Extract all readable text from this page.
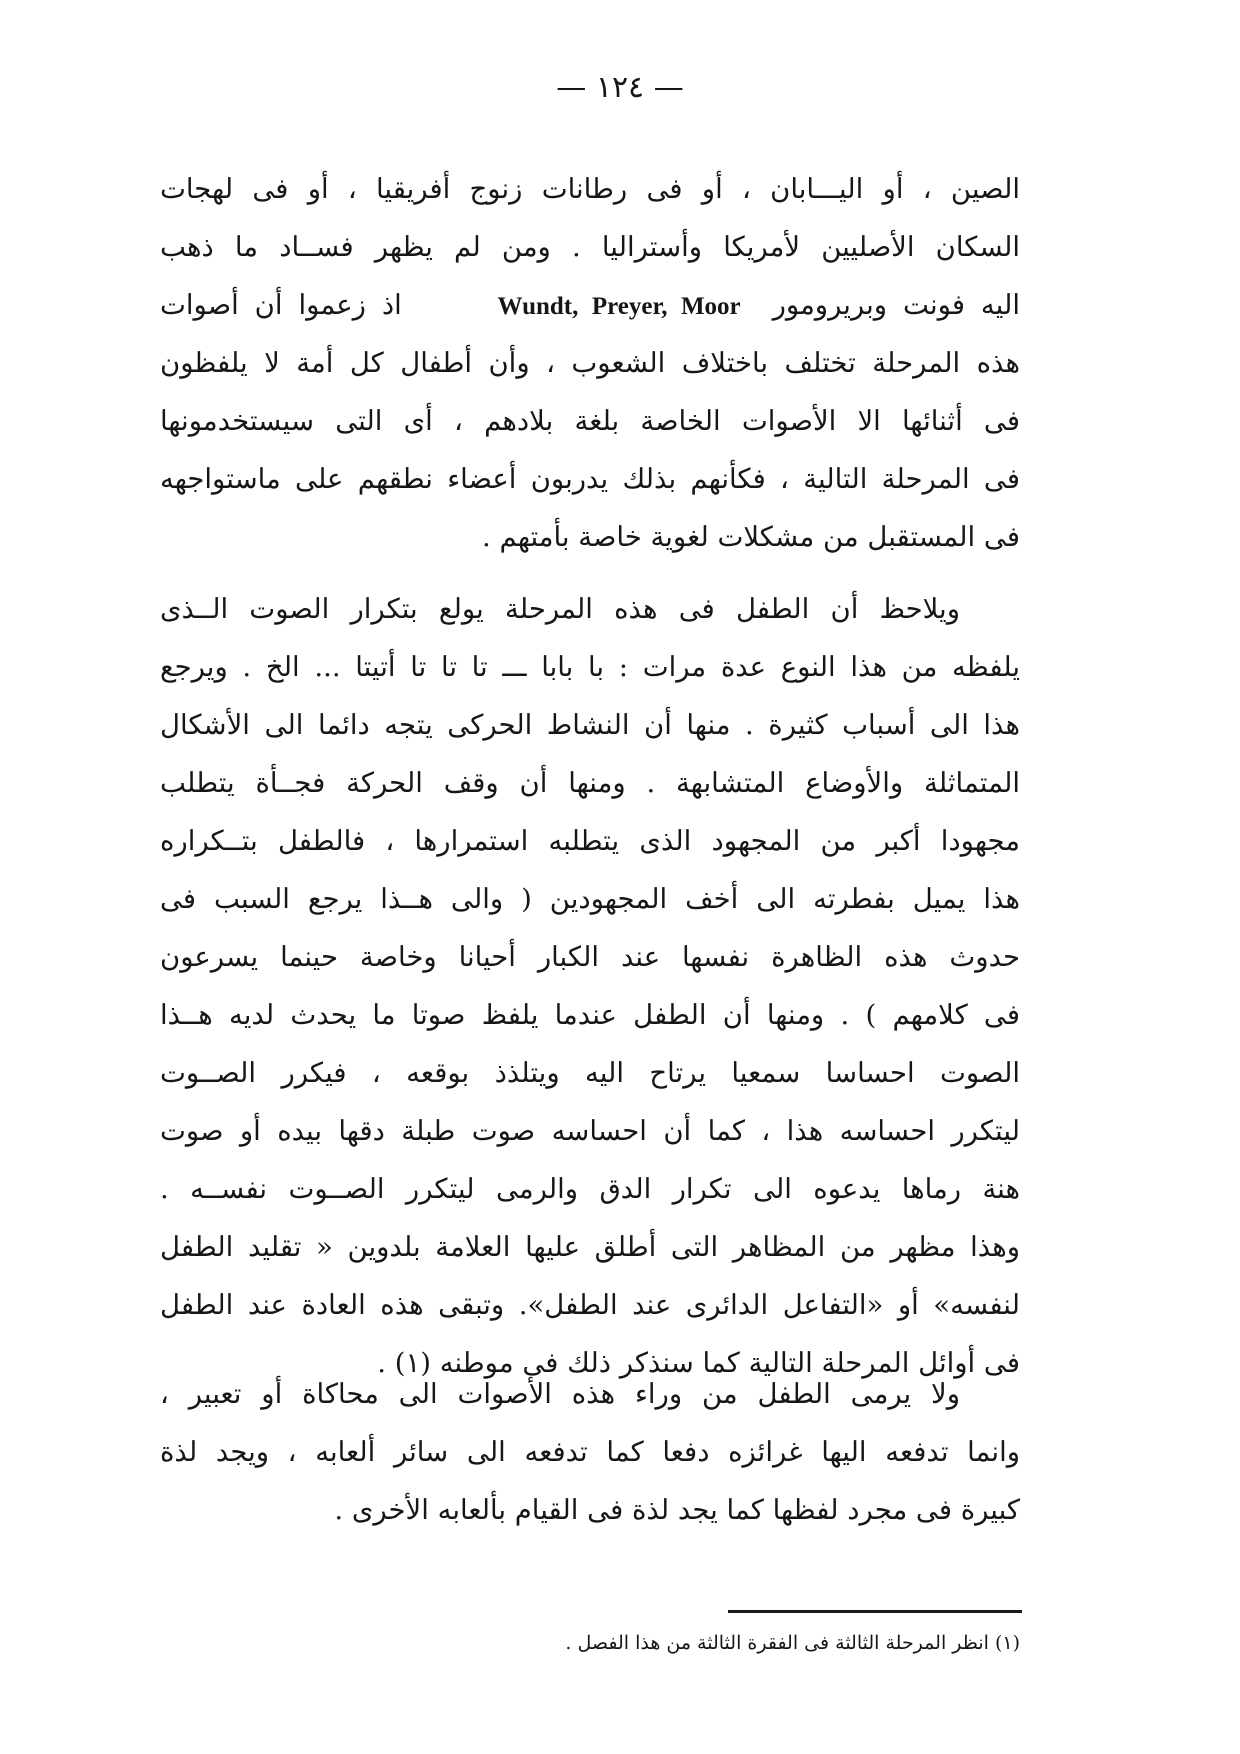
— ١٢٤ —
الصين ، أو اليـــابان ، أو فى رطانات زنوج أفريقيا ، أو فى لهجات
السكان الأصليين لأمريكا وأستراليا . ومن لم يظهر فســاد ما ذهب
اليه فونت وبريرومور  Wundt, Preyer, Moor      اذ زعموا أن أصوات
هذه المرحلة تختلف باختلاف الشعوب ، وأن أطفال كل أمة لا يلفظون
فى أثنائها الا الأصوات الخاصة بلغة بلادهم ، أى التى سيستخدمونها
فى المرحلة التالية ، فكأنهم بذلك يدربون أعضاء نطقهم على ماستواجهه
فى المستقبل من مشكلات لغوية خاصة بأمتهم .
ويلاحظ أن الطفل فى هذه المرحلة يولع بتكرار الصوت الــذى
يلفظه من هذا النوع عدة مرات : با بابا ـــ تا تا تا أتيتا ... الخ . ويرجع
هذا الى أسباب كثيرة . منها أن النشاط الحركى يتجه دائما الى الأشكال
المتماثلة والأوضاع المتشابهة . ومنها أن وقف الحركة فجــأة يتطلب
مجهودا أكبر من المجهود الذى يتطلبه استمرارها ، فالطفل بتــكراره
هذا يميل بفطرته الى أخف المجهودين ( والى هــذا يرجع السبب فى
حدوث هذه الظاهرة نفسها عند الكبار أحيانا وخاصة حينما يسرعون
فى كلامهم ) . ومنها أن الطفل عندما يلفظ صوتا ما يحدث لديه هــذا
الصوت احساسا سمعيا يرتاح اليه ويتلذذ بوقعه ، فيكرر الصــوت
ليتكرر احساسه هذا ، كما أن احساسه صوت طبلة دقها بيده أو صوت
هنة رماها يدعوه الى تكرار الدق والرمى ليتكرر الصــوت نفســه .
وهذا مظهر من المظاهر التى أطلق عليها العلامة بلدوين « تقليد الطفل
لنفسه» أو «التفاعل الدائرى عند الطفل». وتبقى هذه العادة عند الطفل
فى أوائل المرحلة التالية كما سنذكر ذلك فى موطنه (١) .
ولا يرمى الطفل من وراء هذه الأصوات الى محاكاة أو تعبير ،
وانما تدفعه اليها غرائزه دفعا كما تدفعه الى سائر ألعابه ، ويجد لذة
كبيرة فى مجرد لفظها كما يجد لذة فى القيام بألعابه الأخرى .
(١) انظر المرحلة الثالثة فى الفقرة الثالثة من هذا الفصل .
